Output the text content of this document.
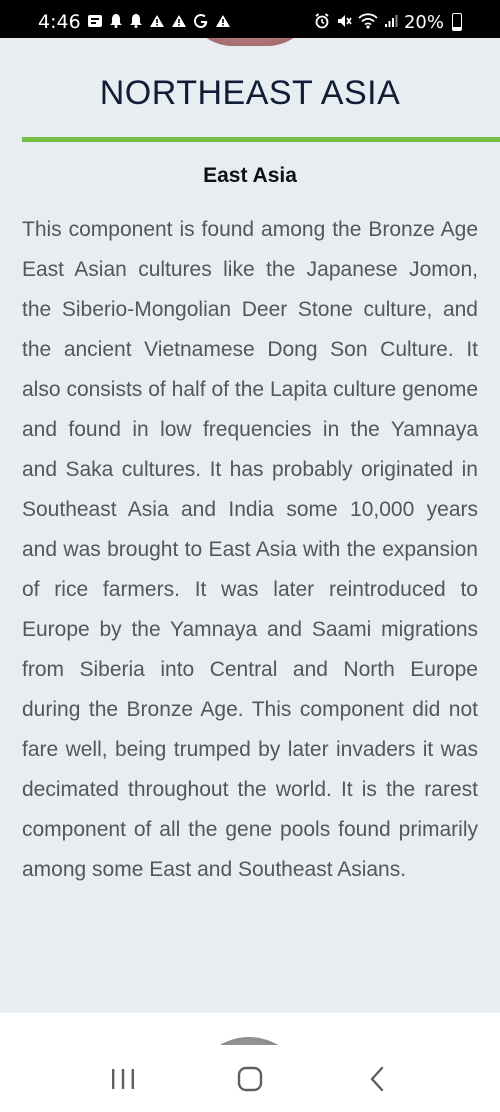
4:46	20%
NORTHEAST ASIA
East Asia
This component is found among the Bronze Age East Asian cultures like the Japanese Jomon, the Siberio-Mongolian Deer Stone culture, and the ancient Vietnamese Dong Son Culture. It also consists of half of the Lapita culture genome and found in low frequencies in the Yamnaya and Saka cultures. It has probably originated in Southeast Asia and India some 10,000 years and was brought to East Asia with the expansion of rice farmers. It was later reintroduced to Europe by the Yamnaya and Saami migrations from Siberia into Central and North Europe during the Bronze Age. This component did not fare well, being trumped by later invaders it was decimated throughout the world. It is the rarest component of all the gene pools found primarily among some East and Southeast Asians.
